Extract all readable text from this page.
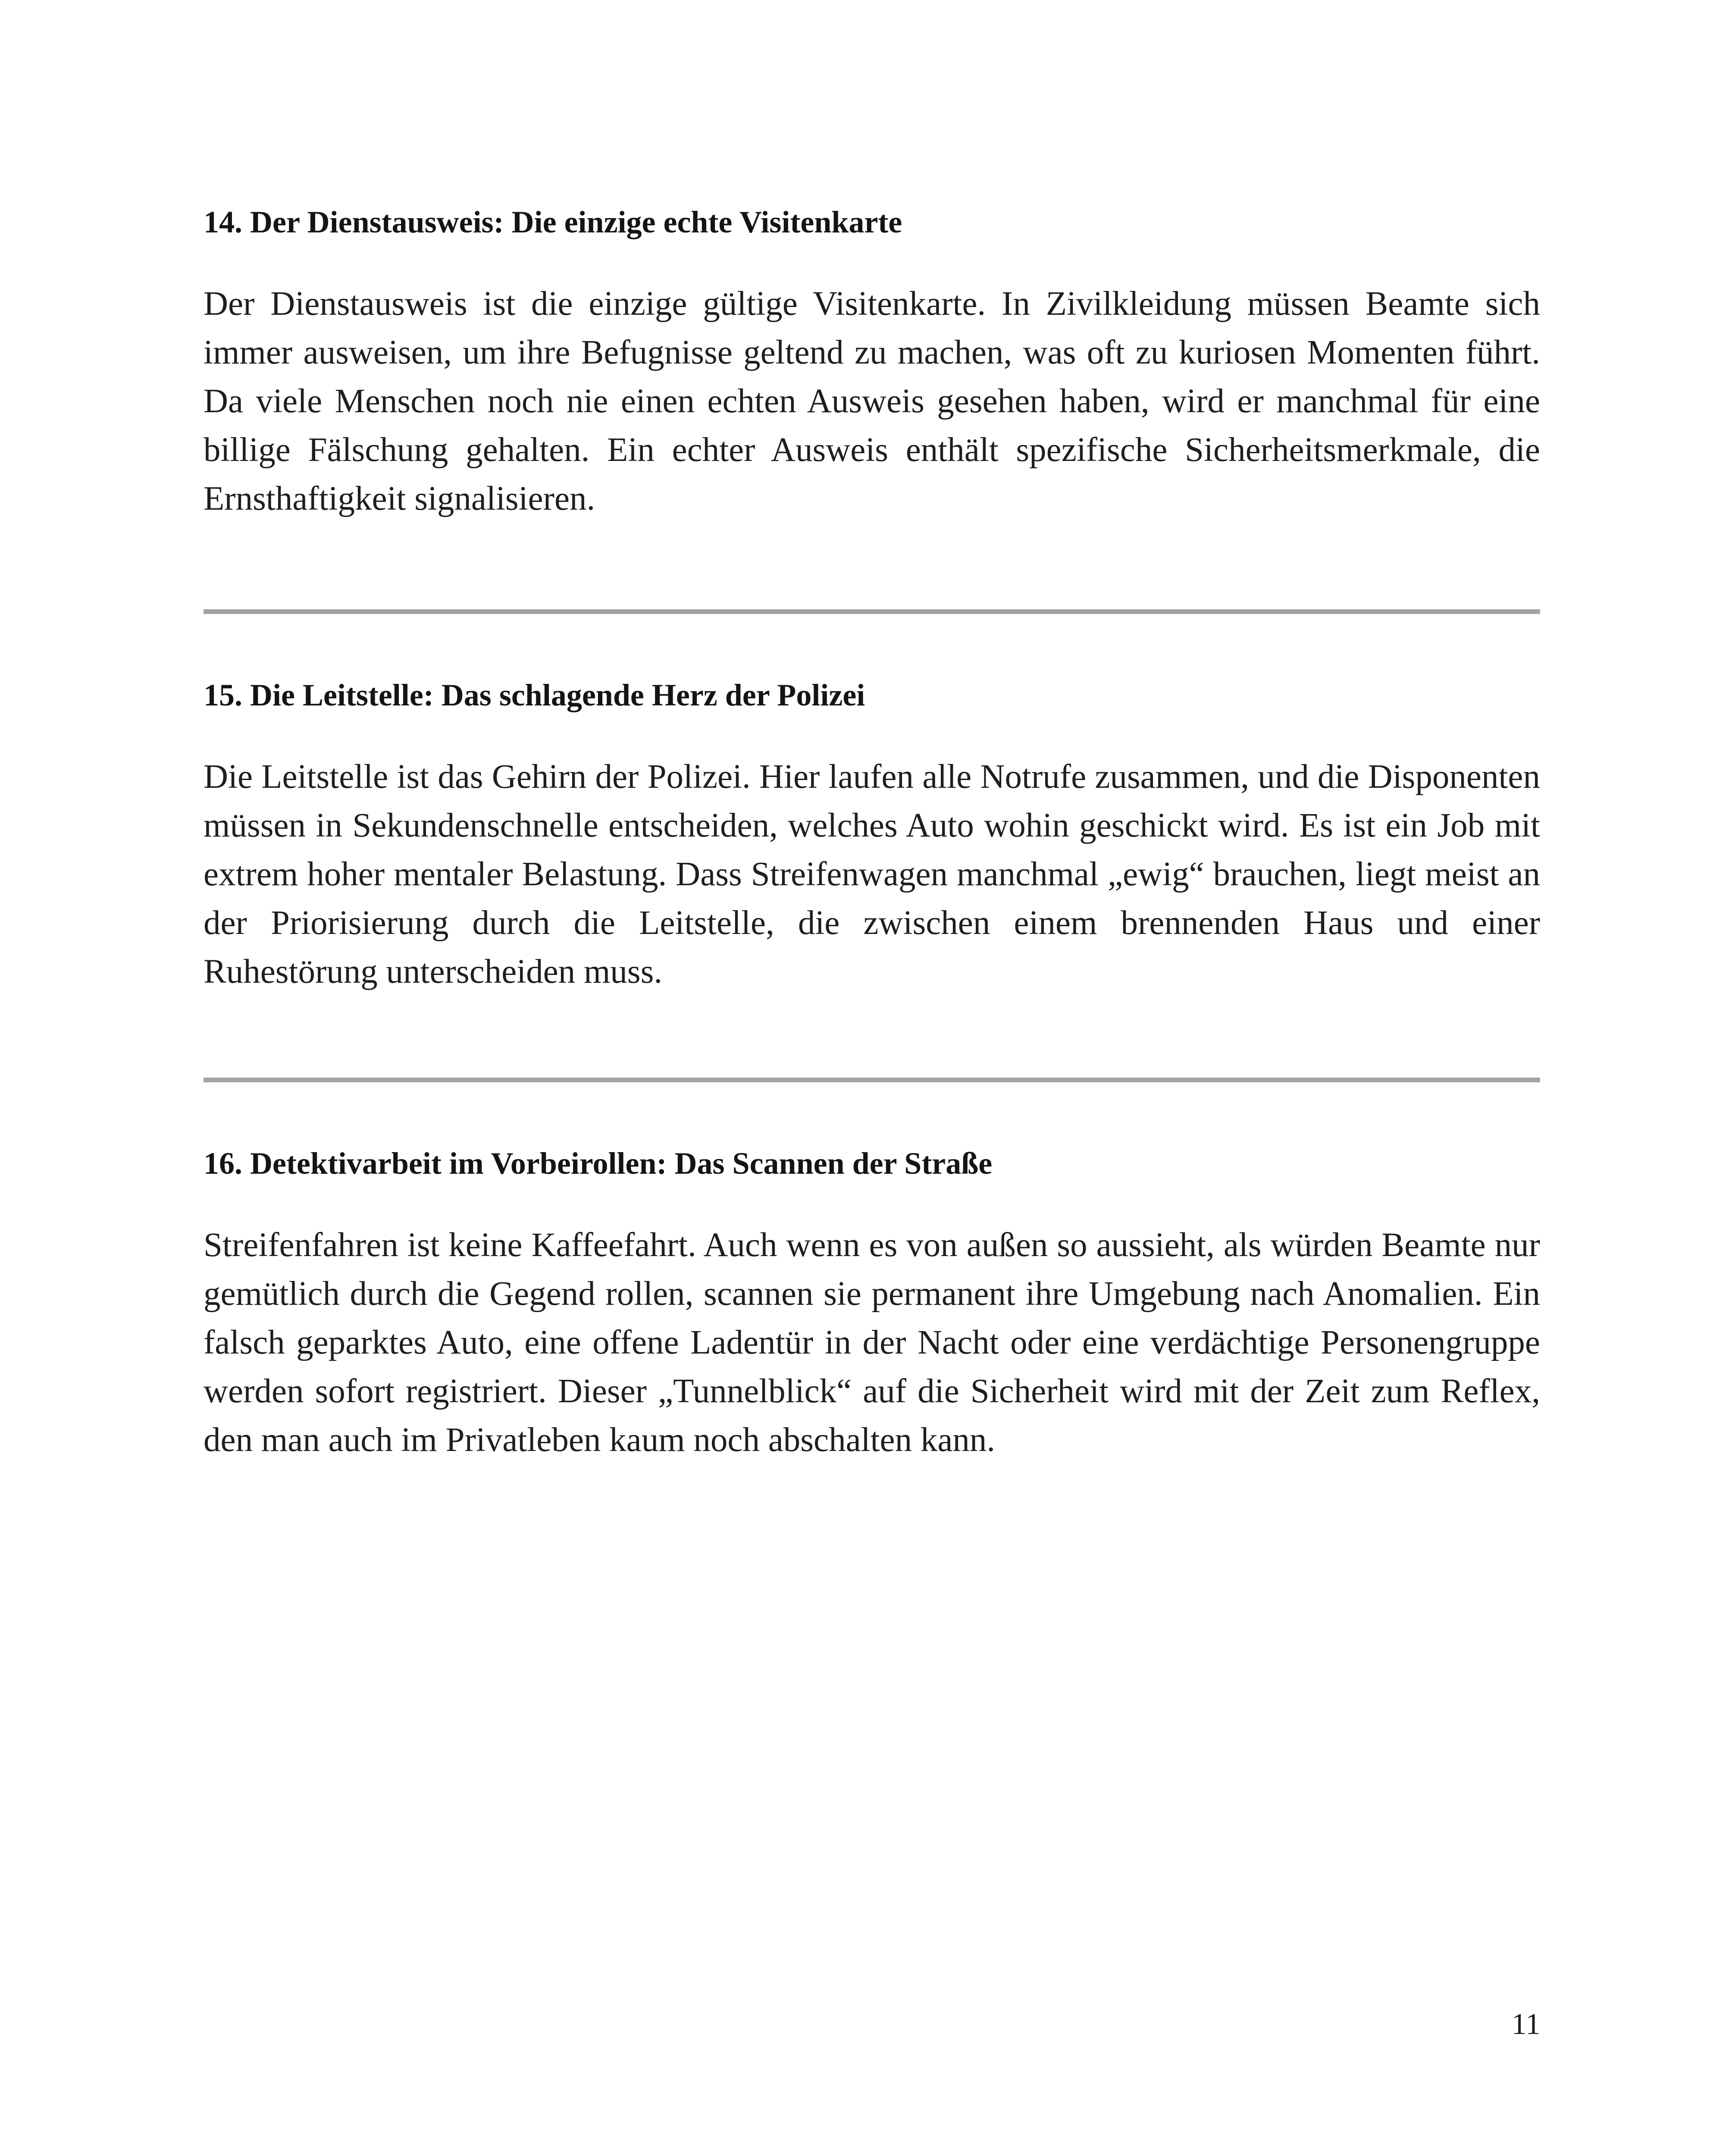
14. Der Dienstausweis: Die einzige echte Visitenkarte

Der Dienstausweis ist die einzige gültige Visitenkarte. In Zivilkleidung müssen Beamte sich immer ausweisen, um ihre Befugnisse geltend zu machen, was oft zu kuriosen Momenten führt. Da viele Menschen noch nie einen echten Ausweis gesehen haben, wird er manchmal für eine billige Fälschung gehalten. Ein echter Ausweis enthält spezifische Sicherheitsmerkmale, die Ernsthaftigkeit signalisieren.

15. Die Leitstelle: Das schlagende Herz der Polizei

Die Leitstelle ist das Gehirn der Polizei. Hier laufen alle Notrufe zusammen, und die Disponenten müssen in Sekundenschnelle entscheiden, welches Auto wohin geschickt wird. Es ist ein Job mit extrem hoher mentaler Belastung. Dass Streifenwagen manchmal „ewig“ brauchen, liegt meist an der Priorisierung durch die Leitstelle, die zwischen einem brennenden Haus und einer Ruhestörung unterscheiden muss.

16. Detektivarbeit im Vorbeirollen: Das Scannen der Straße

Streifenfahren ist keine Kaffeefahrt. Auch wenn es von außen so aussieht, als würden Beamte nur gemütlich durch die Gegend rollen, scannen sie permanent ihre Umgebung nach Anomalien. Ein falsch geparktes Auto, eine offene Ladentür in der Nacht oder eine verdächtige Personengruppe werden sofort registriert. Dieser „Tunnelblick“ auf die Sicherheit wird mit der Zeit zum Reflex, den man auch im Privatleben kaum noch abschalten kann.

11
